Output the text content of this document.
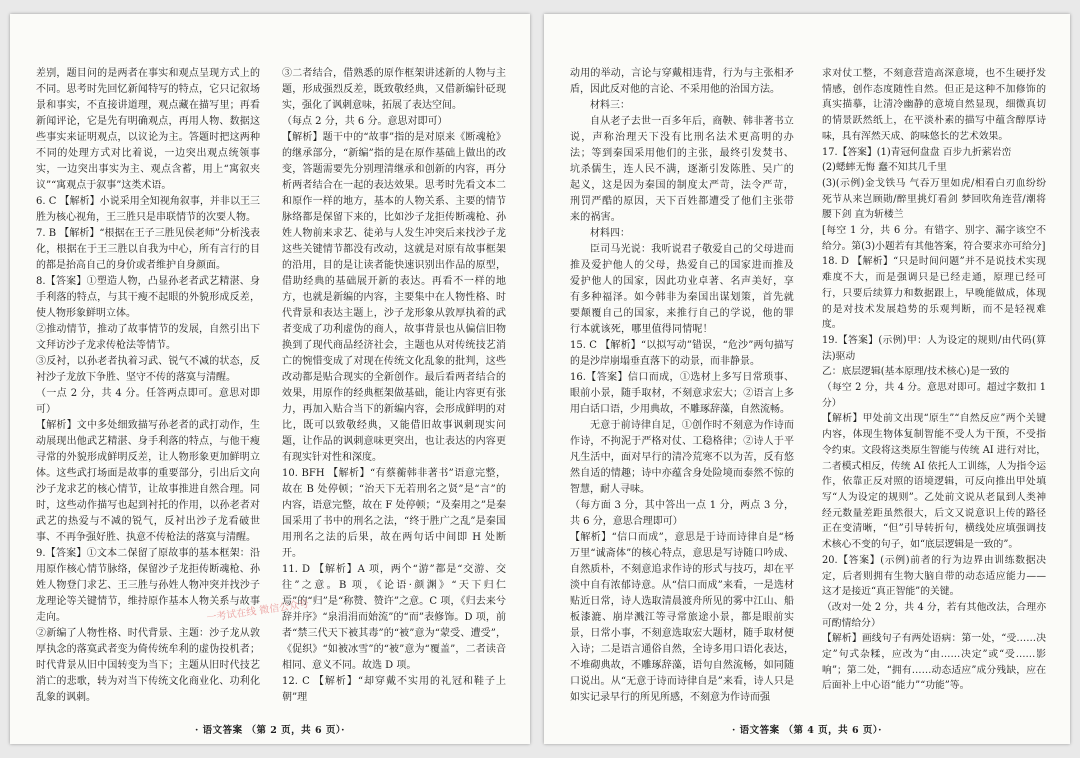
差别，题目问的是两者在事实和观点呈现方式上的不同。思考时先回忆新闻特写的特点，它只记叙场景和事实，不直接讲道理，观点藏在描写里；再看新闻评论，它是先有明确观点，再用人物、数据这些事实来证明观点，以议论为主。答题时把这两种不同的处理方式对比着说，一边突出观点统领事实，一边突出事实为主、观点含蓄，用上“寓叙夹议”“寓观点于叙事”这类术语。

6. C 【解析】小说采用全知视角叙事，并非以王三胜为核心视角，王三胜只是串联情节的次要人物。

7. B 【解析】“根据在王子三胜见侯老师”分析浅表化，根据在于王三胜以自我为中心，所有言行的目的都是抬高自己的身价或者维护自身颜面。

8.【答案】①塑造人物，凸显孙老者武艺精湛、身手利落的特点，与其干瘦不起眼的外貌形成反差，使人物形象鲜明立体。

②推动情节，推动了故事情节的发展，自然引出下文拜访沙子龙求传枪法等情节。

③反衬，以孙老者执着习武、锐气不减的状态，反衬沙子龙放下争胜、坚守不传的落寞与清醒。

（一点 2 分，共 4 分。任答两点即可。意思对即可）

【解析】文中多处细致描写孙老者的武打动作，生动展现出他武艺精湛、身手利落的特点，与他干瘦寻常的外貌形成鲜明反差，让人物形象更加鲜明立体。这些武打场面是故事的重要部分，引出后文向沙子龙求艺的核心情节，让故事推进自然合理。同时，这些动作描写也起到衬托的作用，以孙老者对武艺的热爱与不减的锐气，反衬出沙子龙看破世事、不再争强好胜、执意不传枪法的落寞与清醒。

9.【答案】①文本二保留了原故事的基本框架：沿用原作核心情节脉络，保留沙子龙拒传断魂枪、孙姓人物登门求艺、王三胜与孙姓人物冲突并找沙子龙理论等关键情节，维持原作基本人物关系与故事走向。

②新编了人物性格、时代背景、主题：沙子龙从敦厚执念的落寞武者变为倚传统牟利的虚伪投机者；时代背景从旧中国转变为当下；主题从旧时代技艺消亡的悲歌，转为对当下传统文化商业化、功利化乱象的讽刺。

③二者结合，借熟悉的原作框架讲述新的人物与主题，形成强烈反差，既致敬经典，又借新编针砭现实，强化了讽刺意味，拓展了表达空间。

（每点 2 分，共 6 分。意思对即可）

【解析】题干中的“故事”指的是对原来《断魂枪》的继承部分，“新编”指的是在原作基础上做出的改变，答题需要先分别理清继承和创新的内容，再分析两者结合在一起的表达效果。思考时先看文本二和原作一样的地方，基本的人物关系、主要的情节脉络都是保留下来的，比如沙子龙拒传断魂枪、孙姓人物前来求艺、徒弟与人发生冲突后来找沙子龙这些关键情节都没有改动，这就是对原有故事框架的沿用，目的是让读者能快速识别出作品的原型，借助经典的基础展开新的表达。再看不一样的地方，也就是新编的内容，主要集中在人物性格、时代背景和表达主题上，沙子龙形象从敦厚执着的武者变成了功利虚伪的商人，故事背景也从偏信旧物换到了现代商品经济社会，主题也从对传统技艺消亡的惋惜变成了对现在传统文化乱象的批判，这些改动都是贴合现实的全新创作。最后看两者结合的效果，用原作的经典框架做基础，能让内容更有张力，再加入贴合当下的新编内容，会形成鲜明的对比，既可以致敬经典，又能借旧故事讽刺现实问题，让作品的讽刺意味更突出，也让表达的内容更有现实针对性和深度。

10. BFH 【解析】“有蔡蘅韩非著书”语意完整，故在 B 处停顿；“治天下无若刑名之贤”是“言”的内容，语意完整，故在 F 处停顿；“及秦用之”是秦国采用了书中的刑名之法，“终于胜广之乱”是秦国用刑名之法的后果，故在两句话中间即 H 处断开。

11. D 【解析】A 项，两个“游”都是“交游、交往”之意。B 项，《论语·颜渊》“天下归仁焉”的“归”是“称赞、赞许”之意。C 项，《归去来兮辞并序》“泉涓涓而始流”的“而”表修饰。D 项，前者“禁三代天下被其毒”的“被”意为“蒙受、遭受”，《促织》“如被冰雪”的“被”意为“覆盖”，二者读音相同、意义不同。故选 D 项。

12. C 【解析】“却穿戴不实用的礼冠和鞋子上朝”理

一考试在线 微信公众号
· 语文答案 （第 2 页，共 6 页）·

动用的举动，言论与穿戴相违背，行为与主张相矛盾，因此反对他的言论、不采用他的治国方法。

材料三：

自从老子去世一百多年后，商鞅、韩非著书立说，声称治理天下没有比刑名法术更高明的办法；等到秦国采用他们的主张，最终引发焚书、坑杀儒生，连人民不满，逐渐引发陈胜、吴广的起义，这是因为秦国的制度太严苛，法令严苛，刑罚严酷的原因，天下百姓都遭受了他们主张带来的祸害。

材料四：

臣司马光说：我听说君子敬爱自己的父母进而推及爱护他人的父母，热爱自己的国家进而推及爱护他人的国家，因此功业卓著、名声美好，享有多种福泽。如今韩非为秦国出谋划策，首先就要颠覆自己的国家，来推行自己的学说，他的罪行本就该死，哪里值得同情呢！

15. C 【解析】“以拟写动”错误，“危沙”两句描写的是沙岸崩塌垂直落下的动景，而非静景。

16.【答案】信口而成，①选材上多写日常琐事、眼前小景，随手取材，不刻意求宏大；②语言上多用白话口语，少用典故，不雕琢辞藻，自然流畅。

无意于前诗律自足，①创作时不刻意为作诗而作诗，不拘泥于严格对仗、工稳格律；②诗人于平凡生活中，面对早行的清冷荒寒不以为苦，反有悠然自适的情趣；诗中亦蕴含身处险境而泰然不惊的智慧，耐人寻味。

（每方面 3 分，其中答出一点 1 分，两点 3 分，共 6 分，意思合理即可）

【解析】“信口而成”，意思是于诗而诗律自是“杨万里“诚斋体”的核心特点，意思是写诗随口吟成、自然质朴，不刻意追求作诗的形式与技巧，却在平淡中自有浓郁诗意。从“信口而成”来看，一是选材贴近日常，诗人选取清晨渡舟所见的雾中江山、船板漆漉、崩岸溅江等寻常旅途小景，都是眼前实景，日常小事，不刻意选取宏大题材，随手取材便入诗；二是语言通俗自然，全诗多用口语化表达，不堆砌典故，不雕琢辞藻，语句自然流畅，如同随口说出。从“无意于诗而诗律自是”来看，诗人只是如实记录早行的所见所感，不刻意为作诗而强

求对仗工整，不刻意营造高深意境，也不生硬抒发情感，创作态度随性自然。但正是这种不加修饰的真实描摹，让清冷幽静的意境自然显现，细微真切的情景跃然纸上，在平淡朴素的描写中蕴含醇厚诗味，具有浑然天成、韵味悠长的艺术效果。

17.【答案】(1)青冠何盘盘 百步九折萦岩峦

(2)蟋蟀无悔 蠢不知其几千里

(3)(示例)金戈铁马 气吞万里如虎/相看白刃血纷纷 死节从来岂顾勋/醉里挑灯看剑 梦回吹角连营/潮将腰下剑 直为斩楼兰

[每空 1 分，共 6 分。有错字、别字、漏字该空不给分。第(3)小题若有其他答案，符合要求亦可给分]

18. D 【解析】“只是时间问题”并不是说技术实现难度不大，而是强调只是已经走通，原理已经可行，只要后续算力和数据跟上，早晚能做成，体现的是对技术发展趋势的乐观判断，而不是轻视难度。

19.【答案】(示例)甲：人为设定的规则/由代码(算法)驱动

乙：底层逻辑(基本原理/技术核心)是一致的

（每空 2 分，共 4 分。意思对即可。超过字数扣 1 分）

【解析】甲处前文出现“原生”“自然反应”两个关键内容，体现生物体复制智能不受人为干预，不受指令约束。文段将这类原生智能与传统 AI 进行对比，二者模式相反，传统 AI 依托人工训练，人为指令运作，依靠正反对照的语境逻辑，可反向推出甲处填写“人为设定的规则”。乙处前文说从老鼠到人类神经元数量差距虽然很大，后文又说意识上传的路径正在变清晰，“但”引导转折句，横线处应填强调技术核心不变的句子，如“底层逻辑是一致的”。

20.【答案】(示例)前者的行为边界由训练数据决定，后者则拥有生物大脑自带的动态适应能力——这才是接近“真正智能”的关键。

（改对一处 2 分，共 4 分，若有其他改法，合理亦可酌情给分）

【解析】画线句子有两处语病：第一处，“受……决定”句式杂糅，应改为“由……决定”或“受……影响”；第二处，“拥有……动态适应”成分残缺，应在后面补上中心语“能力”“功能”等。

· 语文答案 （第 4 页，共 6 页）·
